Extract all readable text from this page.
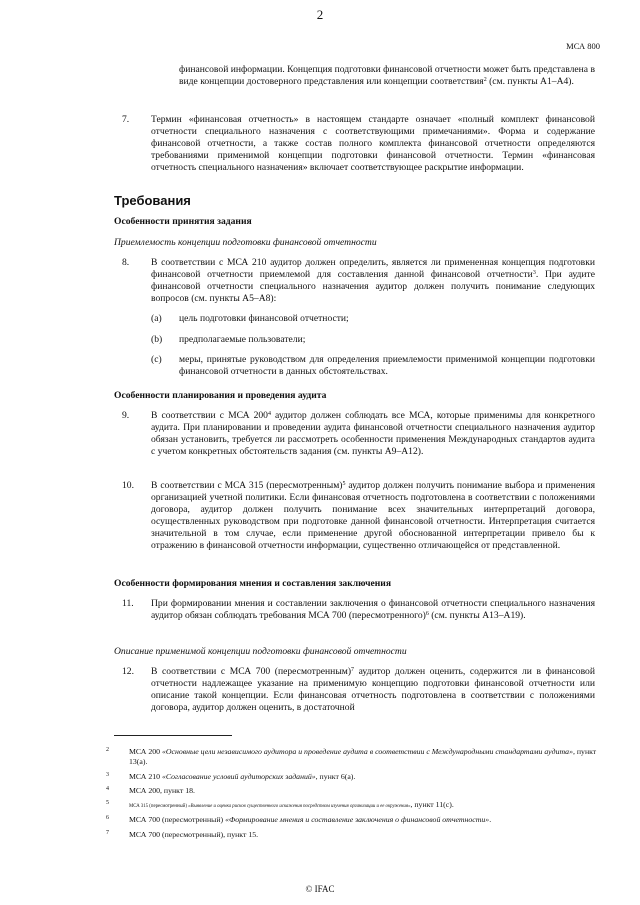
2
МСА 800
финансовой информации. Концепция подготовки финансовой отчетности может быть представлена в виде концепции достоверного представления или концепции соответствия$^2$ (см. пункты А1–А4).
7. Термин «финансовая отчетность» в настоящем стандарте означает «полный комплект финансовой отчетности специального назначения с соответствующими примечаниями». Форма и содержание финансовой отчетности, а также состав полного комплекта финансовой отчетности определяются требованиями применимой концепции подготовки финансовой отчетности. Термин «финансовая отчетность специального назначения» включает соответствующее раскрытие информации.
Требования
Особенности принятия задания
Приемлемость концепции подготовки финансовой отчетности
8. В соответствии с МСА 210 аудитор должен определить, является ли примененная концепция подготовки финансовой отчетности приемлемой для составления данной финансовой отчетности$^3$. При аудите финансовой отчетности специального назначения аудитор должен получить понимание следующих вопросов (см. пункты А5–А8):
(a) цель подготовки финансовой отчетности;
(b) предполагаемые пользователи;
(c) меры, принятые руководством для определения приемлемости применимой концепции подготовки финансовой отчетности в данных обстоятельствах.
Особенности планирования и проведения аудита
9. В соответствии с МСА $200^4$ аудитор должен соблюдать все МСА, которые применимы для конкретного аудита. При планировании и проведении аудита финансовой отчетности специального назначения аудитор обязан установить, требуется ли рассмотреть особенности применения Международных стандартов аудита с учетом конкретных обстоятельств задания (см. пункты А9–А12).
10. В соответствии с МСА 315 (пересмотренным)$^5$ аудитор должен получить понимание выбора и применения организацией учетной политики. Если финансовая отчетность подготовлена в соответствии с положениями договора, аудитор должен получить понимание всех значительных интерпретаций договора, осуществленных руководством при подготовке данной финансовой отчетности. Интерпретация считается значительной в том случае, если применение другой обоснованной интерпретации привело бы к отражению в финансовой отчетности информации, существенно отличающейся от представленной.
Особенности формирования мнения и составления заключения
11. При формировании мнения и составлении заключения о финансовой отчетности специального назначения аудитор обязан соблюдать требования МСА 700 (пересмотренного)$^6$ (см. пункты А13–А19).
Описание применимой концепции подготовки финансовой отчетности
12. В соответствии с МСА 700 (пересмотренным)$^7$ аудитор должен оценить, содержится ли в финансовой отчетности надлежащее указание на применимую концепцию подготовки финансовой отчетности или описание такой концепции. Если финансовая отчетность подготовлена в соответствии с положениями договора, аудитор должен оценить, в достаточной
2	МСА 200 «Основные цели независимого аудитора и проведение аудита в соответствии с Международными стандартами аудита», пункт 13(а).
3	МСА 210 «Согласование условий аудиторских заданий», пункт 6(а).
4	МСА 200, пункт 18.
5
МСА 315 (пересмотренный) «Выявление и оценка рисков существенного искажения посредством изучения организации и ее окружения», пункт 11(c).
6	МСА 700 (пересмотренный) «Формирование мнения и составление заключения о финансовой отчетности».
7	МСА 700 (пересмотренный), пункт 15.
© IFAC
